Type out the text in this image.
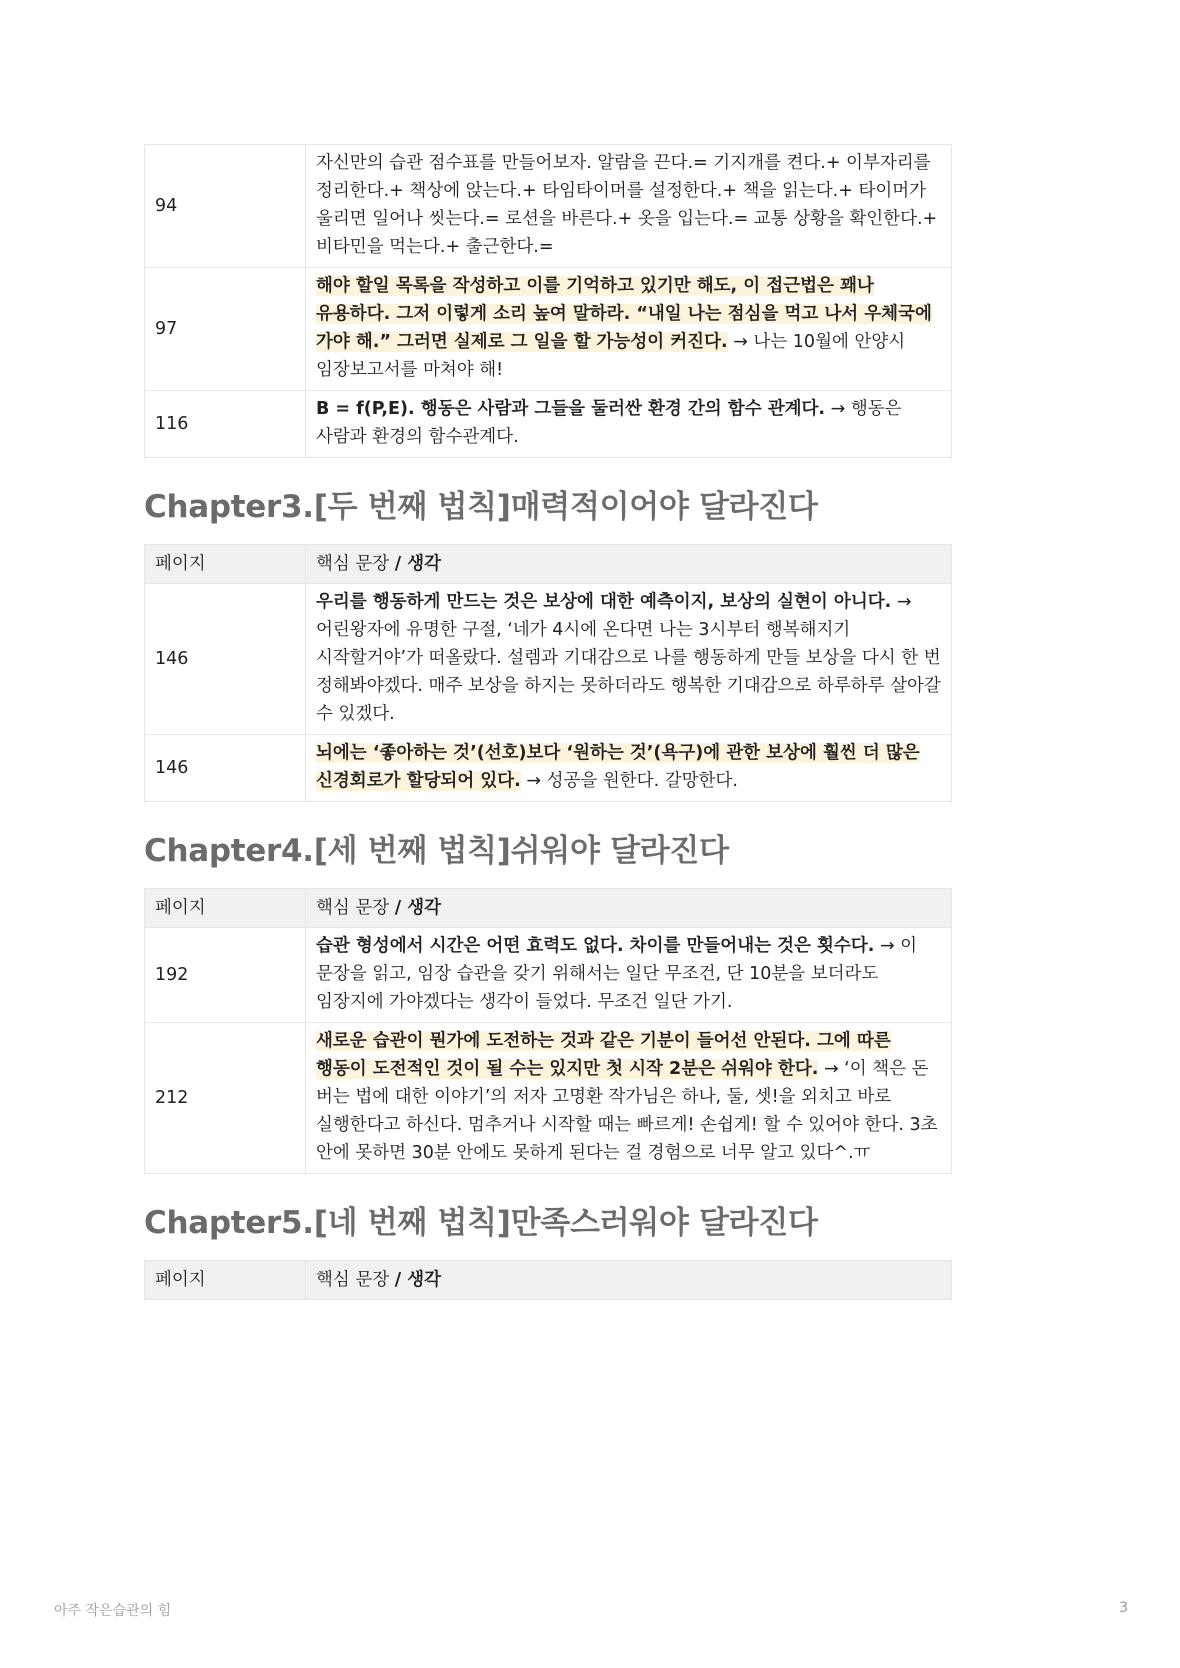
94	자신만의 습관 점수표를 만들어보자. 알람을 끈다.= 기지개를 켠다.+ 이부자리를 정리한다.+ 책상에 앉는다.+ 타임타이머를 설정한다.+ 책을 읽는다.+ 타이머가 울리면 일어나 씻는다.= 로션을 바른다.+ 옷을 입는다.= 교통 상황을 확인한다.+ 비타민을 먹는다.+ 출근한다.=
97	해야 할일 목록을 작성하고 이를 기억하고 있기만 해도, 이 접근법은 꽤나 유용하다. 그저 이렇게 소리 높여 말하라. “내일 나는 점심을 먹고 나서 우체국에 가야 해.” 그러면 실제로 그 일을 할 가능성이 커진다. → 나는 10월에 안양시 임장보고서를 마쳐야 해!
116	B = f(P,E). 행동은 사람과 그들을 둘러싼 환경 간의 함수 관계다. → 행동은 사람과 환경의 함수관계다.
Chapter3.[두 번째 법칙]매력적이어야 달라진다
페이지	핵심 문장 / 생각
146	우리를 행동하게 만드는 것은 보상에 대한 예측이지, 보상의 실현이 아니다. → 어린왕자에 유명한 구절, ‘네가 4시에 온다면 나는 3시부터 행복해지기 시작할거야’가 떠올랐다. 설렘과 기대감으로 나를 행동하게 만들 보상을 다시 한 번 정해봐야겠다. 매주 보상을 하지는 못하더라도 행복한 기대감으로 하루하루 살아갈 수 있겠다.
146	뇌에는 ‘좋아하는 것’(선호)보다 ‘원하는 것’(욕구)에 관한 보상에 훨씬 더 많은 신경회로가 할당되어 있다. → 성공을 원한다. 갈망한다.
Chapter4.[세 번째 법칙]쉬워야 달라진다
페이지	핵심 문장 / 생각
192	습관 형성에서 시간은 어떤 효력도 없다. 차이를 만들어내는 것은 횟수다. → 이 문장을 읽고, 임장 습관을 갖기 위해서는 일단 무조건, 단 10분을 보더라도 임장지에 가야겠다는 생각이 들었다. 무조건 일단 가기.
212	새로운 습관이 뭔가에 도전하는 것과 같은 기분이 들어선 안된다. 그에 따른 행동이 도전적인 것이 될 수는 있지만 첫 시작 2분은 쉬워야 한다. → ‘이 책은 돈 버는 법에 대한 이야기’의 저자 고명환 작가님은 하나, 둘, 셋!을 외치고 바로 실행한다고 하신다. 멈추거나 시작할 때는 빠르게! 손쉽게! 할 수 있어야 한다. 3초 안에 못하면 30분 안에도 못하게 된다는 걸 경험으로 너무 알고 있다^.ㅠ
Chapter5.[네 번째 법칙]만족스러워야 달라진다
페이지	핵심 문장 / 생각
아주 작은습관의 힘	3
